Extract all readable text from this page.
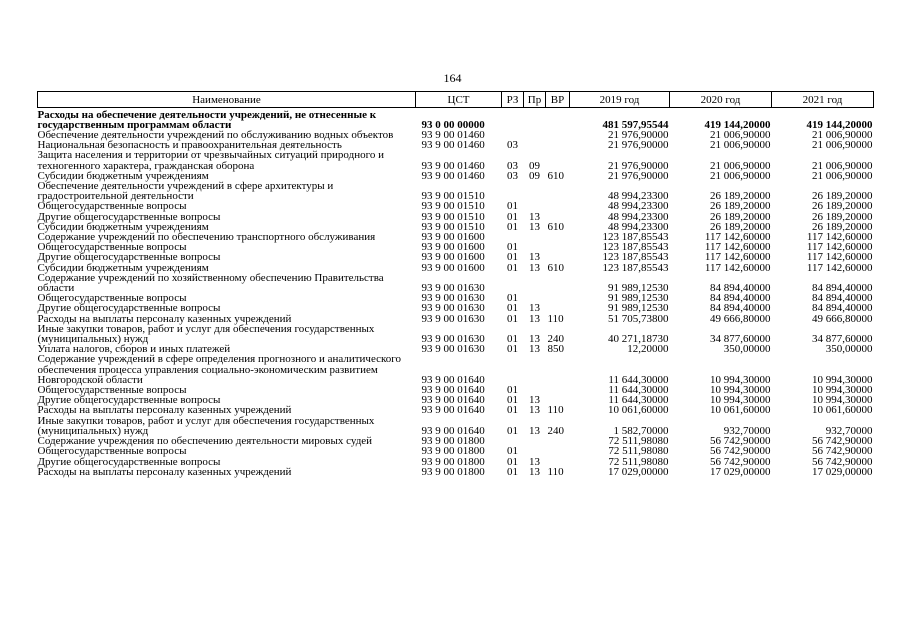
164
Наименование	ЦСТ	РЗ	Пр	ВР	2019 год	2020 год	2021 год
Расходы на обеспечение деятельности учреждений, не отнесенные к государственным программам области	93 0 00 00000				481 597,95544	419 144,20000	419 144,20000
Обеспечение деятельности учреждений по обслуживанию водных объектов	93 9 00 01460				21 976,90000	21 006,90000	21 006,90000
Национальная безопасность и правоохранительная деятельность	93 9 00 01460	03			21 976,90000	21 006,90000	21 006,90000
Защита населения и территории от чрезвычайных ситуаций природного и техногенного характера, гражданская оборона	93 9 00 01460	03	09		21 976,90000	21 006,90000	21 006,90000
Субсидии бюджетным учреждениям	93 9 00 01460	03	09	610	21 976,90000	21 006,90000	21 006,90000
Обеспечение деятельности учреждений в сфере архитектуры и градостроительной деятельности	93 9 00 01510				48 994,23300	26 189,20000	26 189,20000
Общегосударственные вопросы	93 9 00 01510	01			48 994,23300	26 189,20000	26 189,20000
Другие общегосударственные вопросы	93 9 00 01510	01	13		48 994,23300	26 189,20000	26 189,20000
Субсидии бюджетным учреждениям	93 9 00 01510	01	13	610	48 994,23300	26 189,20000	26 189,20000
Содержание учреждений по обеспечению транспортного обслуживания	93 9 00 01600				123 187,85543	117 142,60000	117 142,60000
Общегосударственные вопросы	93 9 00 01600	01			123 187,85543	117 142,60000	117 142,60000
Другие общегосударственные вопросы	93 9 00 01600	01	13		123 187,85543	117 142,60000	117 142,60000
Субсидии бюджетным учреждениям	93 9 00 01600	01	13	610	123 187,85543	117 142,60000	117 142,60000
Содержание учреждений по хозяйственному обеспечению Правительства области	93 9 00 01630				91 989,12530	84 894,40000	84 894,40000
Общегосударственные вопросы	93 9 00 01630	01			91 989,12530	84 894,40000	84 894,40000
Другие общегосударственные вопросы	93 9 00 01630	01	13		91 989,12530	84 894,40000	84 894,40000
Расходы на выплаты персоналу казенных учреждений	93 9 00 01630	01	13	110	51 705,73800	49 666,80000	49 666,80000
Иные закупки товаров, работ и услуг для обеспечения государственных (муниципальных) нужд	93 9 00 01630	01	13	240	40 271,18730	34 877,60000	34 877,60000
Уплата налогов, сборов и иных платежей	93 9 00 01630	01	13	850	12,20000	350,00000	350,00000
Содержание учреждений в сфере определения прогнозного и аналитического обеспечения процесса управления социально-экономическим развитием Новгородской области	93 9 00 01640				11 644,30000	10 994,30000	10 994,30000
Общегосударственные вопросы	93 9 00 01640	01			11 644,30000	10 994,30000	10 994,30000
Другие общегосударственные вопросы	93 9 00 01640	01	13		11 644,30000	10 994,30000	10 994,30000
Расходы на выплаты персоналу казенных учреждений	93 9 00 01640	01	13	110	10 061,60000	10 061,60000	10 061,60000
Иные закупки товаров, работ и услуг для обеспечения государственных (муниципальных) нужд	93 9 00 01640	01	13	240	1 582,70000	932,70000	932,70000
Содержание учреждения по обеспечению деятельности мировых судей	93 9 00 01800				72 511,98080	56 742,90000	56 742,90000
Общегосударственные вопросы	93 9 00 01800	01			72 511,98080	56 742,90000	56 742,90000
Другие общегосударственные вопросы	93 9 00 01800	01	13		72 511,98080	56 742,90000	56 742,90000
Расходы на выплаты персоналу казенных учреждений	93 9 00 01800	01	13	110	17 029,00000	17 029,00000	17 029,00000
